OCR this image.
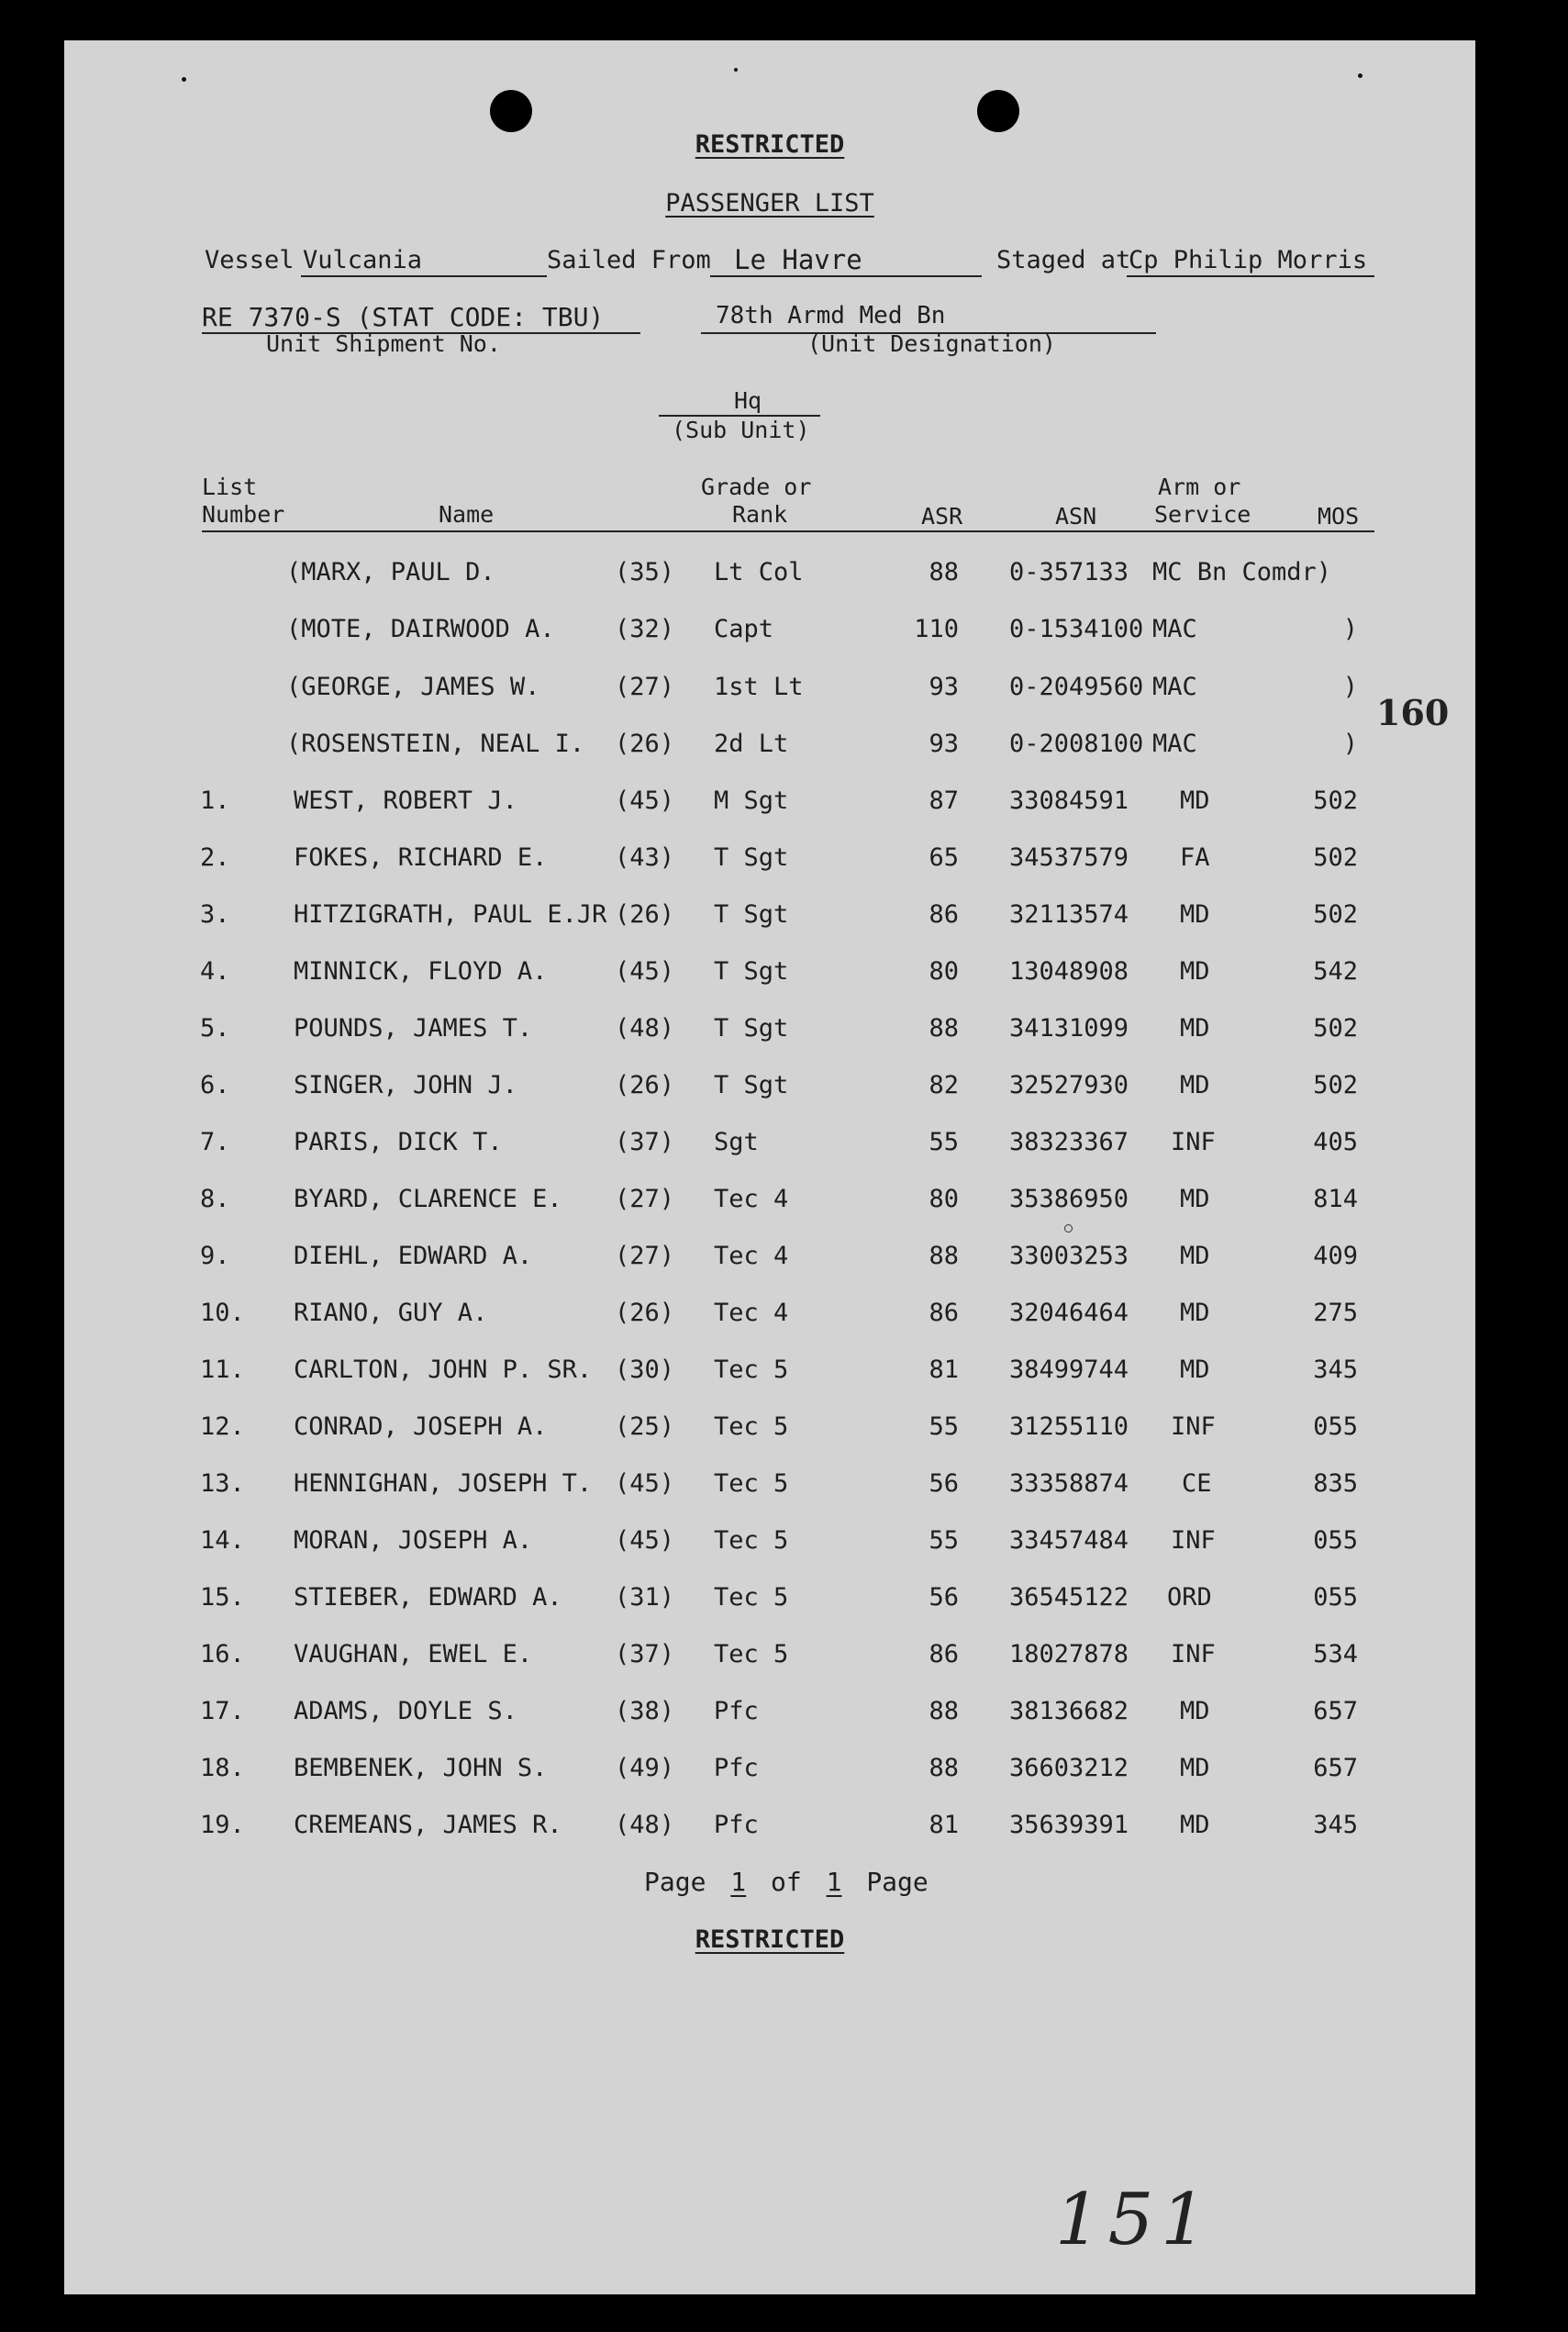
RESTRICTED
PASSENGER LIST
Vessel Vulcania	Sailed From Le Havre	Staged at
Cp Philip Morris
RE 7370-S (STAT CODE: TBU)
Unit Shipment No.
78th Armd Med Bn
(Unit Designation)
Hq
(Sub Unit)
List
Number	Name
Grade or
Rank	ASR	ASN
Arm or
Service	MOS
(MARX, PAUL D.	(35) Lt Col	88 0-357133 MC Bn Comdr)
(MOTE, DAIRWOOD A. (32) Capt	110 0-1534100 MAC	)
(GEORGE, JAMES W.	(27) 1st Lt	93 0-2049560 MAC	)
(ROSENSTEIN, NEAL I. (26) 2d Lt	93 0-2008100 MAC	)
1.	WEST, ROBERT J.	(45) M Sgt	87 33084591 MD	502
2.	FOKES, RICHARD E.	(43) T Sgt	65 34537579 FA	502
3.	HITZIGRATH, PAUL E.JR (26) T Sgt	86 32113574 MD	502
4.	MINNICK, FLOYD A.	(45) T Sgt	80 13048908 MD	542
5.	POUNDS, JAMES T.	(48) T Sgt	88 34131099 MD	502
6.	SINGER, JOHN J.	(26) T Sgt	82 32527930 MD	502
7.	PARIS, DICK T.	(37) Sgt	55 38323367 INF	405
8.	BYARD, CLARENCE E. (27) Tec 4	80 35386950 MD	814
9.	DIEHL, EDWARD A.	(27) Tec 4	88 33003253 MD	409
10. RIANO, GUY A.	(26) Tec 4	86 32046464 MD	275
11. CARLTON, JOHN P. SR. (30) Tec 5	81 38499744 MD	345
12. CONRAD, JOSEPH A.	(25) Tec 5	55 31255110 INF	055
13. HENNIGHAN, JOSEPH T. (45) Tec 5	56 33358874 CE	835
14. MORAN, JOSEPH A.	(45) Tec 5	55 33457484 INF	055
15. STIEBER, EDWARD A. (31) Tec 5	56 36545122 ORD	055
16. VAUGHAN, EWEL E.	(37) Tec 5	86 18027878 INF	534
17. ADAMS, DOYLE S.	(38) Pfc	88 38136682 MD	657
18. BEMBENEK, JOHN S.	(49) Pfc	88 36603212 MD	657
19. CREMEANS, JAMES R. (48) Pfc	81 35639391 MD	345
Page 1 of 1 Page
RESTRICTED
160
151
